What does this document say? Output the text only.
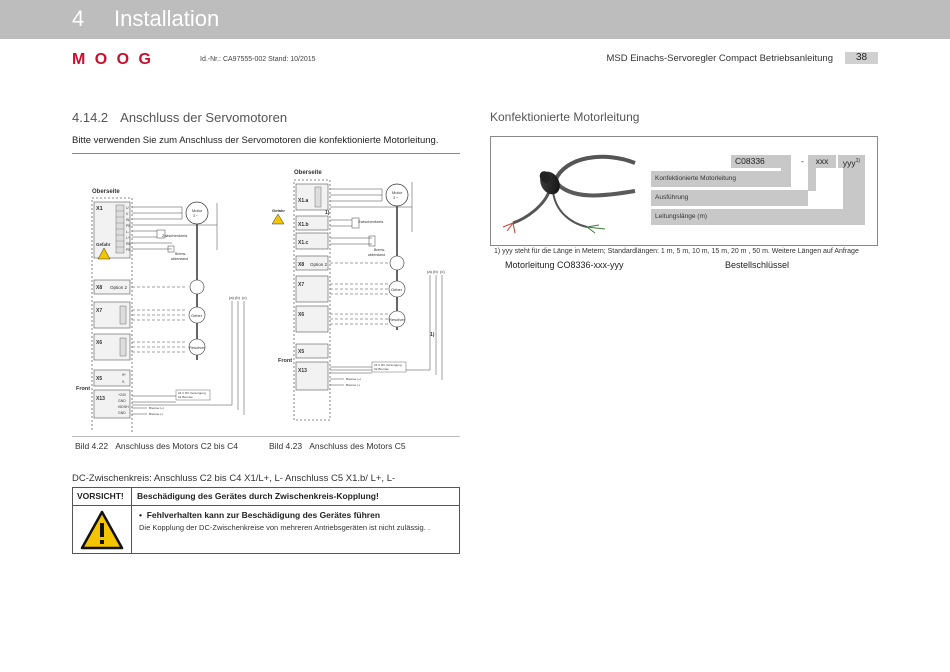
4 Installation
MOOG	Id.-Nr.: CA97555-002 Stand: 10/2015	MSD Einachs-Servoregler Compact Betriebsanleitung	38
4.14.2 Anschluss der Servomotoren
Bitte verwenden Sie zum Anschluss der Servomotoren die konfektionierte Motorleitung.
Oberseite
X1	U
V
W
PE
L-
L+
RB
PE
Gefahr
Motor
3 ~
Zwischenkreis
Brems-
widerstand
X8 Option 2
X7
Geber
X6
Resolver
(a) (b) (c)
Front
X5
ϑ+
ϑ-
X13
+24V
GND
ISDSH
GND
24 V DC Versorgung
für Bremse
Bremse (+)
Bremse (-)
Oberseite
X1.a
1)
X1.b
X1.c
Gefahr
Motor
3 ~
Zwischenkreis
Brems-
widerstand
X8 Option 2
X7
Geber
X6
Resolver
(a) (b) (c)
1)
Front
X5
X13
24 V DC Versorgung
für Bremse
Bremse (+)
Bremse (-)
Bild 4.22 Anschluss des Motors C2 bis C4	Bild 4.23 Anschluss des Motors C5
DC-Zwischenkreis: Anschluss C2 bis C4 X1/L+, L- Anschluss C5 X1.b/ L+, L-
VORSICHT!	Beschädigung des Gerätes durch Zwischenkreis-Kopplung!
•  Fehlverhalten kann zur Beschädigung des Gerätes führen
Die Kopplung der DC-Zwischenkreise von mehreren Antriebsgeräten ist nicht zulässig. .
Konfektionierte Motorleitung
C08336	-	xxx	yyy$^{1)}$
Konfektionierte Motorleitung
Ausführung
Leitungslänge (m)
1) yyy steht für die Länge in Metern; Standardlängen: 1 m, 5 m, 10 m, 15 m, 20 m , 50 m. Weitere Längen auf Anfrage
Motorleitung CO8336-xxx-yyy	Bestellschlüssel
